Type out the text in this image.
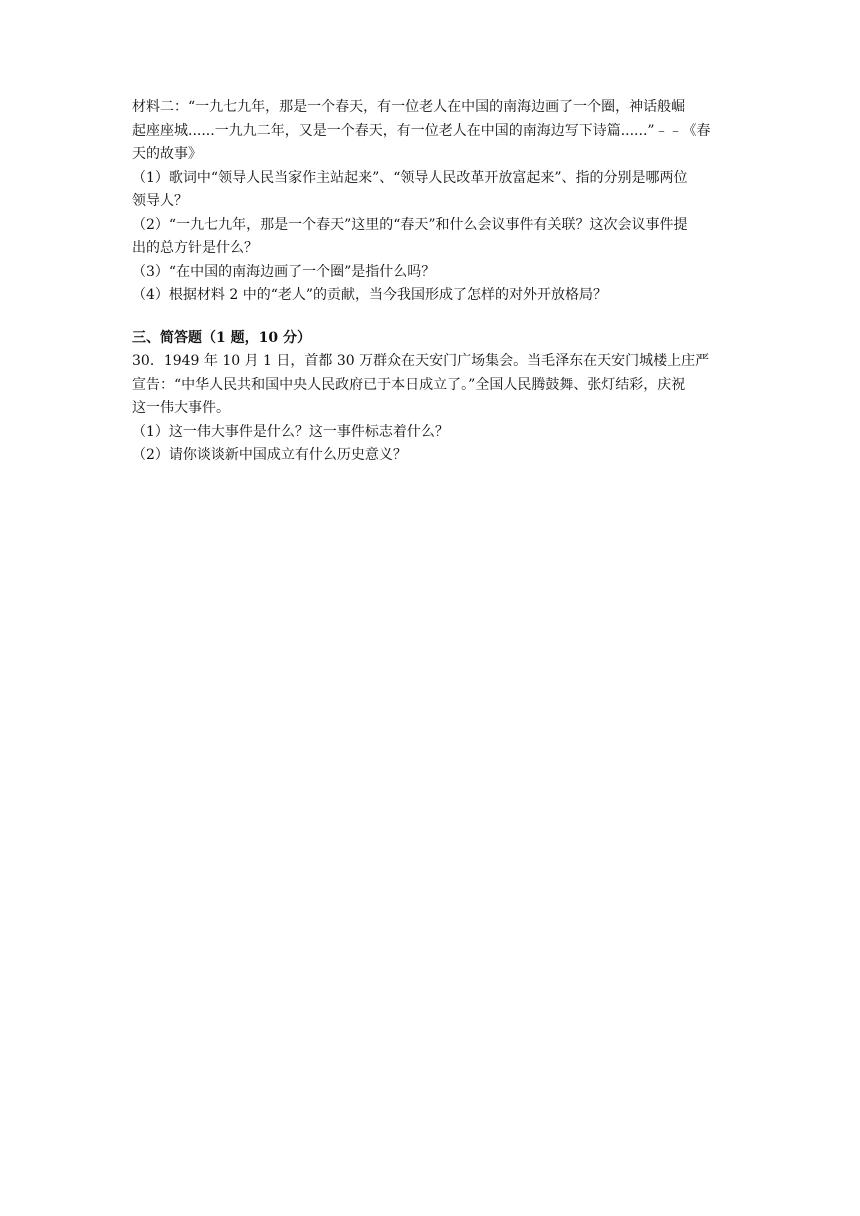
材料二：“一九七九年，那是一个春天，有一位老人在中国的南海边画了一个圈，神话般崛
起座座城......一九九二年，又是一个春天，有一位老人在中国的南海边写下诗篇......”﹣﹣《春
天的故事》
（1）歌词中“领导人民当家作主站起来”、“领导人民改革开放富起来”、指的分别是哪两位
领导人？
（2）“一九七九年，那是一个春天”这里的“春天”和什么会议事件有关联？这次会议事件提
出的总方针是什么？
（3）“在中国的南海边画了一个圈”是指什么吗？
（4）根据材料 2 中的“老人”的贡献，当今我国形成了怎样的对外开放格局？
三、简答题（1 题，10 分）
30．1949 年 10 月 1 日，首都 30 万群众在天安门广场集会。当毛泽东在天安门城楼上庄严
宣告：“中华人民共和国中央人民政府已于本日成立了。”全国人民腾鼓舞、张灯结彩，庆祝
这一伟大事件。
（1）这一伟大事件是什么？这一事件标志着什么？
（2）请你谈谈新中国成立有什么历史意义？
